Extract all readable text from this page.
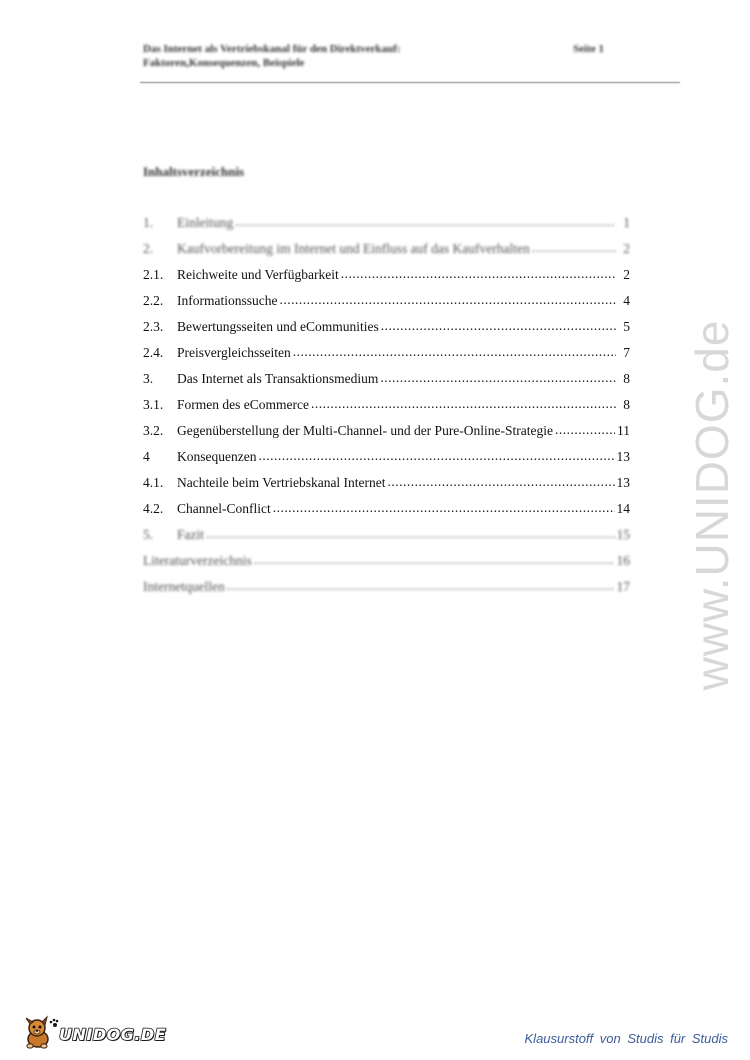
Das Internet als Vertriebskanal für den Direktverkauf:
Faktoren,Konsequenzen, Beispiele
Seite 1
Inhaltsverzeichnis
1.	Einleitung .....	1
2.	Kaufvorbereitung im Internet und Einfluss auf das Kaufverhalten .....	2
2.1.	Reichweite und Verfügbarkeit .....	2
2.2.	Informationssuche .....	4
2.3.	Bewertungsseiten und eCommunities .....	5
2.4.	Preisvergleichsseiten .....	7
3.	Das Internet als Transaktionsmedium .....	8
3.1.	Formen des eCommerce .....	8
3.2.	Gegenüberstellung der Multi-Channel- und der Pure-Online-Strategie .....	11
4	Konsequenzen .....	13
4.1.	Nachteile beim Vertriebskanal Internet .....	13
4.2.	Channel-Conflict .....	14
5.	Fazit .....	15
Literaturverzeichnis .....	16
Internetquellen .....	17 www.UNIDOG.de
UNIDOG.DE	Klausurstoff von Studis für Studis
